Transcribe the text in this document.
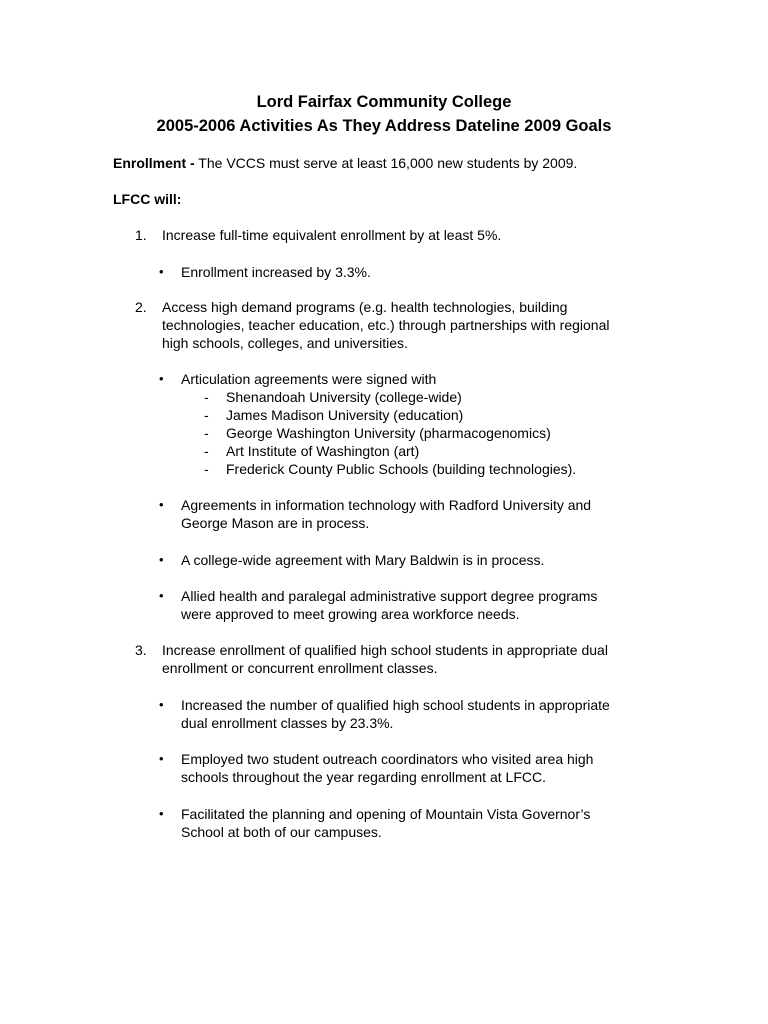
Lord Fairfax Community College
2005-2006 Activities As They Address Dateline 2009 Goals
Enrollment - The VCCS must serve at least 16,000 new students by 2009.
LFCC will:
1. Increase full-time equivalent enrollment by at least 5%.
• Enrollment increased by 3.3%.
2. Access high demand programs (e.g. health technologies, building
technologies, teacher education, etc.) through partnerships with regional
high schools, colleges, and universities.
• Articulation agreements were signed with
- Shenandoah University (college-wide)
- James Madison University (education)
- George Washington University (pharmacogenomics)
- Art Institute of Washington (art)
- Frederick County Public Schools (building technologies).
• Agreements in information technology with Radford University and
George Mason are in process.
• A college-wide agreement with Mary Baldwin is in process.
• Allied health and paralegal administrative support degree programs
were approved to meet growing area workforce needs.
3. Increase enrollment of qualified high school students in appropriate dual
enrollment or concurrent enrollment classes.
• Increased the number of qualified high school students in appropriate
dual enrollment classes by 23.3%.
• Employed two student outreach coordinators who visited area high
schools throughout the year regarding enrollment at LFCC.
• Facilitated the planning and opening of Mountain Vista Governor’s
School at both of our campuses.
